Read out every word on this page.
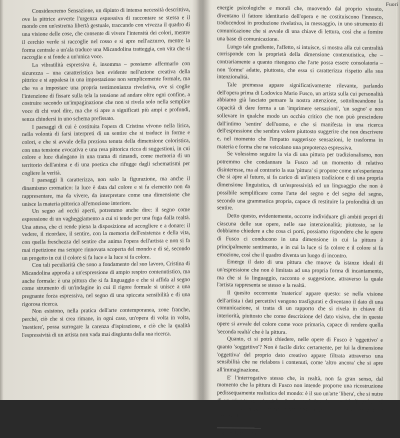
Considereremo Sensazione, un dipinto di intensa necessità descrittiva, ove la pittrice avverte l'urgenza espressiva di raccontare se stessa e il mondo con un'estrema libertà gestuale, traccando con vivezza il quadro di una visione delle cose, che consente di vivere l'intensità dei colori, mentre il cerchio verde si raccoglie nel rosso e si apre nell'azzurro, mentre la forma centrale a un'ala traduce una Micandolina tratteggia, con vita che si raccoglie e si fonde a un'unica voce.

La vibratilità espressiva è, insomma – possiamo affermarlo con sicurezza – una caratteristica ben evidente nell'azione creativa della pittrice e si appalesa in una impostazione non semplicemente formale, ma che va a impostare una propria testimonianza rivelativa, ove si coglie l'intenzione di fissare sulla tela la tensione ad andare oltre ogni confine, a costruire secondo un'impaginazione che non si rivela solo nella semplice voce di chi vuol dire, ma che si apre a significati più ampi e profondi, senza chiudersi in uno schema prefissato.

I paesaggi di cui è costituita l'opera di Cristina vivono nella lirica, nella volontà di farsi interpreti di un sentire che si traduce in forme e colori, e che si avvale della preziosa tenuta della dimensione coloristica, con una tensione evocativa e una resa pittorica ricca di suggestioni, in cui colore e luce dialogano in una trama di rimandi, come memoria di un territorio dell'anima e di una poetica che rifugge dagli schematismi per cogliere la verità.

I paesaggi li caratterizza, non solo la figurazione, ma anche il dinamismo cromatico: la luce è data dal colore e si fa elemento non da rappresentare, ma da vivere, da interpretare come una dimensione che unisce la materia pittorica all'emozione interiore.

Un segno ad occhi aperti, potremmo anche dire: il segno come espressione di un vagheggiamento a cui si tende per una fuga dalla realtà. Una attesa, che ci rende piena la disposizione ad accogliere e a donare: il vedere, il ricordare, il sentire, con la memoria dell'esistenza e della vita, con quella freschezza del sentire che anima l'opera dell'artista e non si fa mai ripetizione ma sempre rinnovata scoperta del mondo e di sé, secondo un progetto in cui il colore si fa luce e la luce si fa colore.

Con tali peculiarità che sono a fondamento del suo lavoro, Cristina di Micandolina approda a un'espressione di ampio respiro contenutistico, ma anche formale: è una pittura che si fa linguaggio e che si affida al segno come strumento di un'indagine in cui il rigore formale si unisce a una pregnante forza espressiva, nel segno di una spiccata sensibilità e di una rigorosa ricerca.

Non esistono, nella pratica dell'arte contemporanea, zone franche, perché, ciò che si crea rimane, in ogni caso, un'opera di volta in volta, 'mestiere', possa surrogare la carenza d'ispirazione, e ciò che la qualità l'espressività di un artista non vada mai disgiunta dalla sua ricerca.

Fuori

energie psicologiche e morali che, muovendo dal proprio vissuto, diventano il fattore identitario dell'opera e ne costituiscono l'innesco, traducendosi in produzione rivelativa, in messaggio, in uno strumento di comunicazione che si avvale di una chiave di lettura, così che a fornire una base di comunicazione.

Lungo tale gradiente, l'affetto, si intuisce, si mostra alla cui centralità corrisponde con la proprietà della dimensione contenutistica, che – contrariamente a quanto ritengono che l'arte possa essere consolatoria – non 'forme' adatte, piuttosto, che essa si caratterizza rispetto alla sua intenzionalità.

Tale premessa appare significativamente rilevante, parlando dell'opera prima di Lodovico Mario Fusco, un artista sulla cui personalità abbiamo già lasciato pensare la nostra attenzione, sottolineandone la capacità di dare forma a un 'imprimere sensazioni', 'un sogno' e non sollevare in qualche modo un occhio critico che non può prescindere dall'intimo 'sentire' dell'uomo, e che si manifesta in una ricerca dell'espressione che sembra volere piuttosto suggerire che non descrivere e, nel momento che l'impatto suggerisce sensazioni, le trasforma in materia e forma che ne veicolano una prepotenza espressiva.

Se volessimo seguire la via di una pittura per tradizionalismo, non potremmo che condannare la Fusco ad un momento di relativo disinteresse, ma al contrario la sua 'pittura' si propone come un'esperienza che si apre al futuro, si fa carico di un'intera tradizione e di una propria dimensione linguistica, di un'espressività ed un linguaggio che non è possibile semplificare come l'arte del segno e del segno del segno, secondo una grammatica propria, capace di restituire la profondità di un sentire.

Detto questo, evidentemente, occorre individuare gli ambiti propri di ciascuna delle sue opere, nelle sue intenzionalità; piuttosto, se le dobbiamo chiedere a che cosa ci porti, possiamo rispondere che le opere di Fusco ci conducono in una dimensione in cui la pittura è principalmente sentimento, e in cui la luce si fa colore e il colore si fa emozione, così che il quadro diventa un luogo di incontro.

Emerge il dato di una pittura che muove da istanze ideali di un'espressione che non è limitata ad una propria forma di incantamento, ma che si fa linguaggio, racconto e suggestione, attraverso la quale l'artista rappresenta se stesso e la realtà.

Il quesito occorrente 'materico' appare questo: se nella visione dell'artista i dati percettivi vengono trasfigurati e diventano il dato di una comunicazione, si tratta di un rapporto che si rivela in chiave di interiorità, piuttosto che come descrizione del dato visivo, che in queste opere si avvale del colore come voce primaria, capace di rendere quella 'seconda realtà' che è la pittura.

Quanto, ci si potrà chiedere, nelle opere di Fusco è 'oggettivo' e quanto 'soggettivo'? Non è facile dirlo: certamente, per lui la dimensione 'oggettiva' del proprio dato creativo appare filtrata attraverso una sensibilità che ne rielabora i contenuti, come 'altro ancora' che si apre all'immaginazione.

E' l'interrogativo stesso che, in realtà, non fa gran senso, dal momento che la pittura di Fusco non intende proporre una ricostruzione pedissequamente realistica del mondo: è il suo un'arte 'libera', che si nutre di un vissuto esperienziale che le conferisce la capacità di parlare al cuore, come fanno i veri artisti che sanno usare il colore e la forma come linguaggio.

*Cfr. ivi, II, pp. 144 ss.
